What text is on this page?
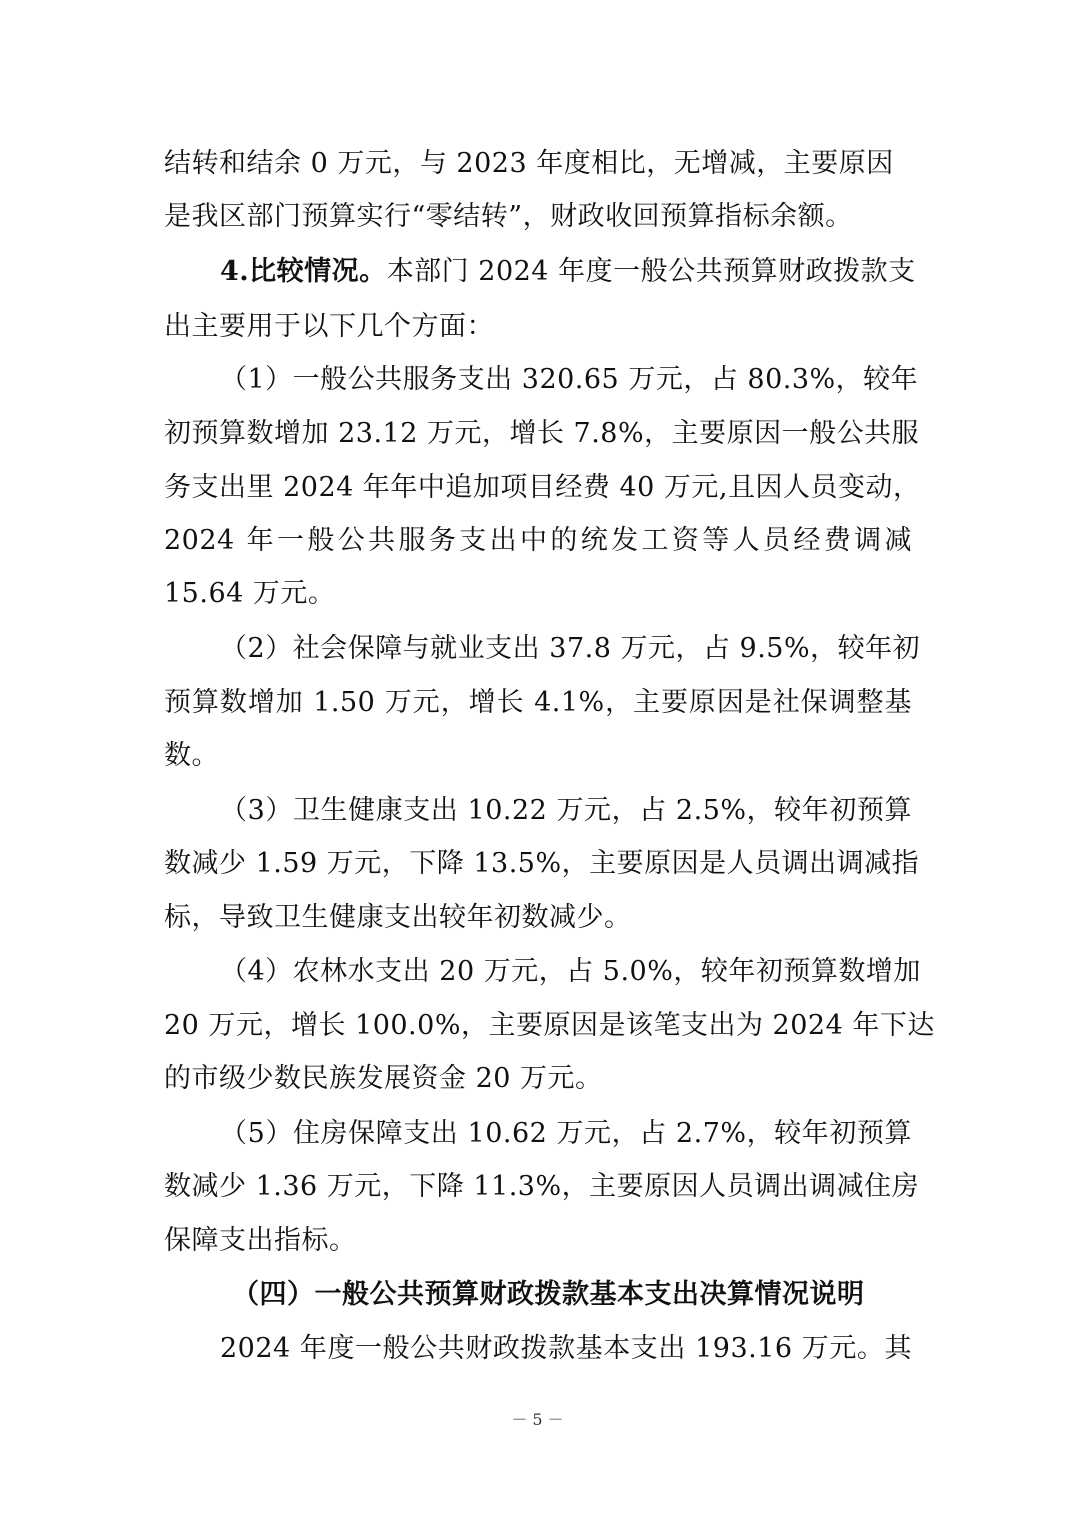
结转和结余 0 万元，与 2023 年度相比，无增减，主要原因
是我区部门预算实行“零结转”，财政收回预算指标余额。
4.比较情况。本部门 2024 年度一般公共预算财政拨款支
出主要用于以下几个方面：
（1）一般公共服务支出 320.65 万元，占 80.3%，较年
初预算数增加 23.12 万元，增长 7.8%，主要原因一般公共服
务支出里 2024 年年中追加项目经费 40 万元,且因人员变动，
2024 年一般公共服务支出中的统发工资等人员经费调减
15.64 万元。
（2）社会保障与就业支出 37.8 万元，占 9.5%，较年初
预算数增加 1.50 万元，增长 4.1%，主要原因是社保调整基
数。
（3）卫生健康支出 10.22 万元，占 2.5%，较年初预算
数减少 1.59 万元，下降 13.5%，主要原因是人员调出调减指
标，导致卫生健康支出较年初数减少。
（4）农林水支出 20 万元，占 5.0%，较年初预算数增加
20 万元，增长 100.0%，主要原因是该笔支出为 2024 年下达
的市级少数民族发展资金 20 万元。
（5）住房保障支出 10.62 万元，占 2.7%，较年初预算
数减少 1.36 万元，下降 11.3%，主要原因人员调出调减住房
保障支出指标。
（四）一般公共预算财政拨款基本支出决算情况说明
2024 年度一般公共财政拨款基本支出 193.16 万元。其
－ 5 －
